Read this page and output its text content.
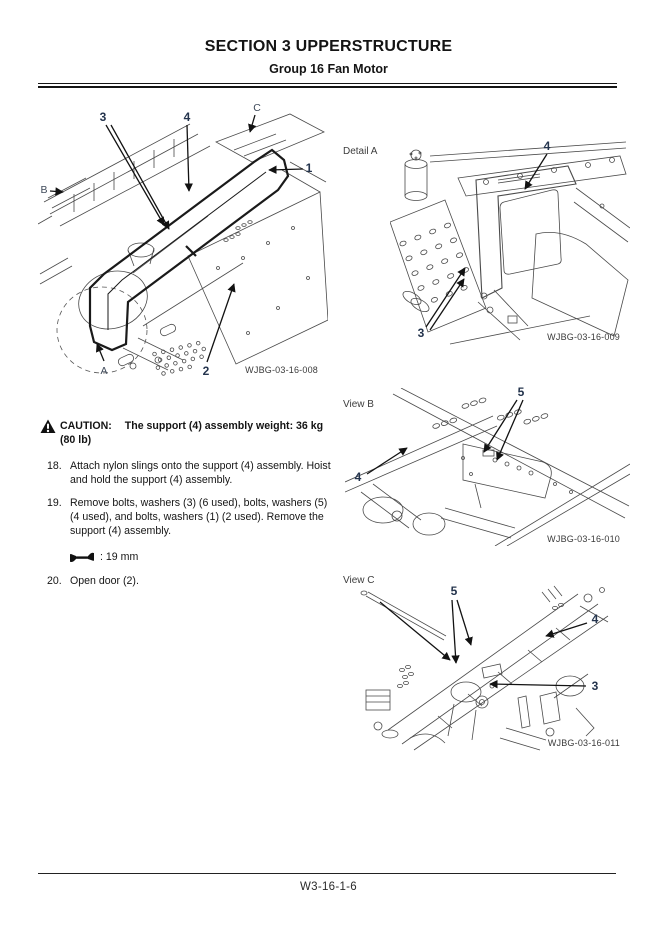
SECTION 3 UPPERSTRUCTURE
Group 16 Fan Motor
3	4
C
B
1
A	2	WJBG-03-16-008
Detail A	4
3	WJBG-03-16-009
View B
5
4
WJBG-03-16-010
View C
5
4
3
WJBG-03-16-011

CAUTION: The support (4) assembly weight: 36 kg (80 lb)

18. Attach nylon slings onto the support (4) assembly. Hoist and hold the support (4) assembly.
19. Remove bolts, washers (3) (6 used), bolts, washers (5) (4 used), and bolts, washers (1) (2 used). Remove the support (4) assembly.
: 19 mm
20. Open door (2).
W3-16-1-6
